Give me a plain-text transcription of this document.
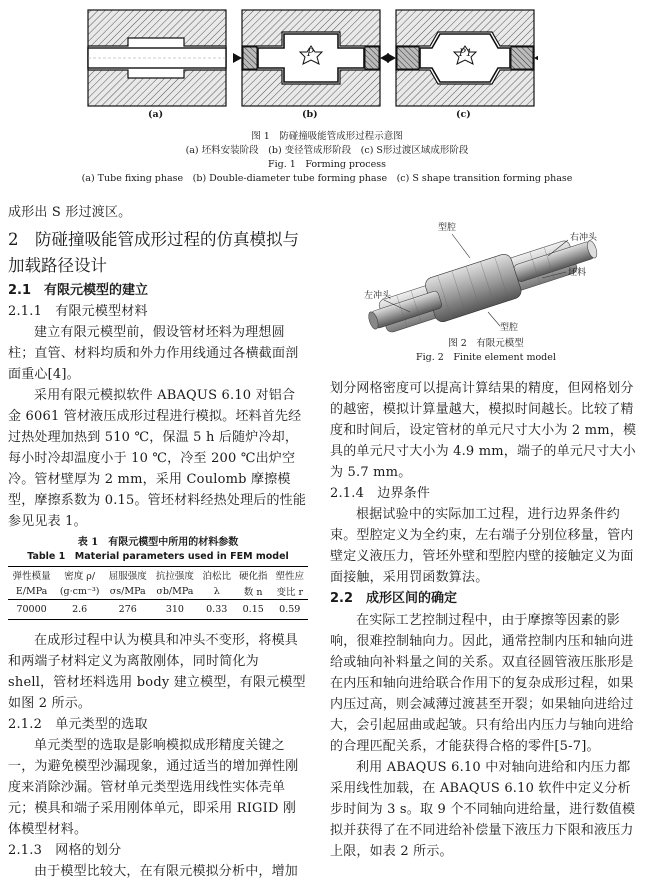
P	P1
(a)	(b)	(c)
图 1　防碰撞吸能管成形过程示意图
(a) 坯料安装阶段　(b) 变径管成形阶段　(c) S形过渡区域成形阶段
Fig. 1　Forming process
(a) Tube fixing phase　(b) Double-diameter tube forming phase　(c) S shape transition forming phase
成形出 S 形过渡区。
2　防碰撞吸能管成形过程的仿真模拟与
加载路径设计
2.1　有限元模型的建立
2.1.1　有限元模型材料
建立有限元模型前，假设管材坯料为理想圆柱；直管、材料均质和外力作用线通过各横截面剖面重心[4]。
采用有限元模拟软件 ABAQUS 6.10 对铝合金 6061 管材液压成形过程进行模拟。坯料首先经过热处理加热到 510 ℃，保温 5 h 后随炉冷却，每小时冷却温度小于 10 ℃，冷至 200 ℃出炉空冷。管材壁厚为 2 mm，采用 Coulomb 摩擦模型，摩擦系数为 0.15。管坯材料经热处理后的性能参见见表 1。
表 1　有限元模型中所用的材料参数
Table 1　Material parameters used in FEM model
弹性模量	密度 ρ/	屈服强度	抗拉强度	泊松比	硬化指	塑性应
E/MPa	(g·cm⁻³)	σs/MPa	σb/MPa	λ	数 n	变比 r
70000	2.6	276	310	0.33	0.15	0.59
在成形过程中认为模具和冲头不变形，将模具和两端子材料定义为离散刚体，同时简化为 shell，管材坯料选用 body 建立模型，有限元模型如图 2 所示。
2.1.2　单元类型的选取
单元类型的选取是影响模拟成形精度关键之一，为避免模型沙漏现象，通过适当的增加弹性刚度来消除沙漏。管材单元类型选用线性实体壳单元；模具和端子采用刚体单元，即采用 RIGID 刚体模型材料。
2.1.3　网格的划分
由于模型比较大，在有限元模拟分析中，增加
型腔
右冲头
坯料
左冲头
型腔
图 2　有限元模型
Fig. 2　Finite element model
划分网格密度可以提高计算结果的精度，但网格划分的越密，模拟计算量越大，模拟时间越长。比较了精度和时间后，设定管材的单元尺寸大小为 2 mm，模具的单元尺寸大小为 4.9 mm，端子的单元尺寸大小为 5.7 mm。
2.1.4　边界条件
根据试验中的实际加工过程，进行边界条件约束。型腔定义为全约束，左右端子分别位移量，管内壁定义液压力，管坯外壁和型腔内壁的接触定义为面面接触，采用罚函数算法。
2.2　成形区间的确定
在实际工艺控制过程中，由于摩擦等因素的影响，很难控制轴向力。因此，通常控制内压和轴向进给或轴向补料量之间的关系。双直径圆管液压胀形是在内压和轴向进给联合作用下的复杂成形过程，如果内压过高，则会减薄过渡甚至开裂；如果轴向进给过大，会引起屈曲或起皱。只有给出内压力与轴向进给的合理匹配关系，才能获得合格的零件[5-7]。
利用 ABAQUS 6.10 中对轴向进给和内压力都采用线性加载，在 ABAQUS 6.10 软件中定义分析步时间为 3 s。取 9 个不同轴向进给量，进行数值模拟并获得了在不同进给补偿量下液压力下限和液压力上限，如表 2 所示。
